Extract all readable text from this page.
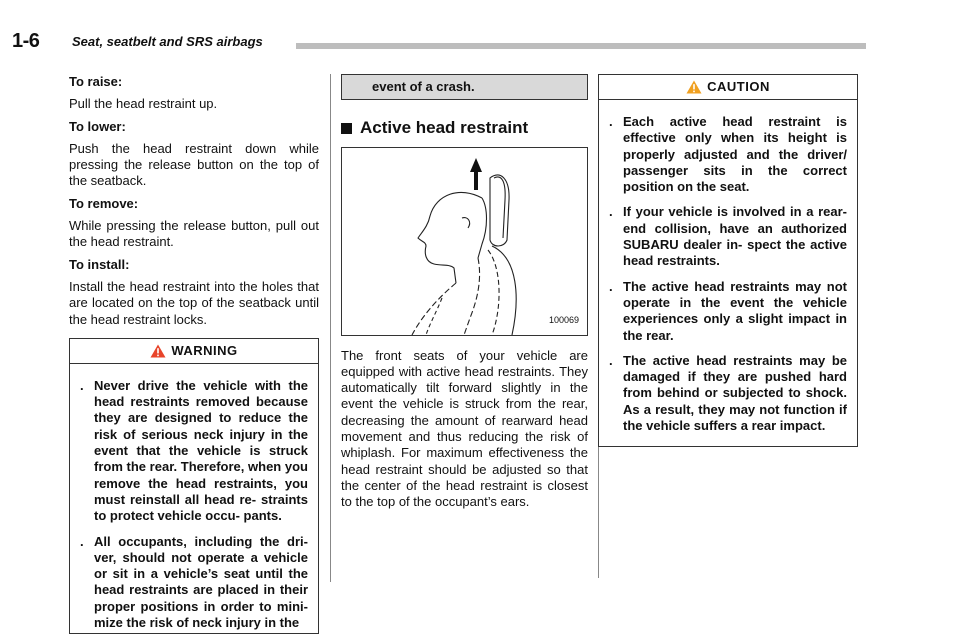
1-6	Seat, seatbelt and SRS airbags

To raise:

Pull the head restraint up.

To lower:

Push the head restraint down while pressing the release button on the top of the seatback.

To remove:

While pressing the release button, pull out the head restraint.

To install:

Install the head restraint into the holes that are located on the top of the seatback until the head restraint locks.

WARNING
. Never drive the vehicle with the head restraints removed because they are designed to reduce the risk of serious neck injury in the event that the vehicle is struck from the rear. Therefore, when you remove the head restraints, you must reinstall all head re- straints to protect vehicle occu- pants.
. All occupants, including the dri- ver, should not operate a vehicle or sit in a vehicle’s seat until the head restraints are placed in their proper positions in order to mini- mize the risk of neck injury in the
event of a crash.
Active head restraint
100069

The front seats of your vehicle are equipped with active head restraints. They automatically tilt forward slightly in the event the vehicle is struck from the rear, decreasing the amount of rearward head movement and thus reducing the risk of whiplash. For maximum effectiveness the head restraint should be adjusted so that the center of the head restraint is closest to the top of the occupant’s ears.

CAUTION
. Each active head restraint is effective only when its height is properly adjusted and the driver/ passenger sits in the correct position on the seat.
. If your vehicle is involved in a rear-end collision, have an authorized SUBARU dealer in- spect the active head restraints.
. The active head restraints may not operate in the event the vehicle experiences only a slight impact in the rear.
. The active head restraints may be damaged if they are pushed hard from behind or subjected to shock. As a result, they may not function if the vehicle suffers a rear impact.
